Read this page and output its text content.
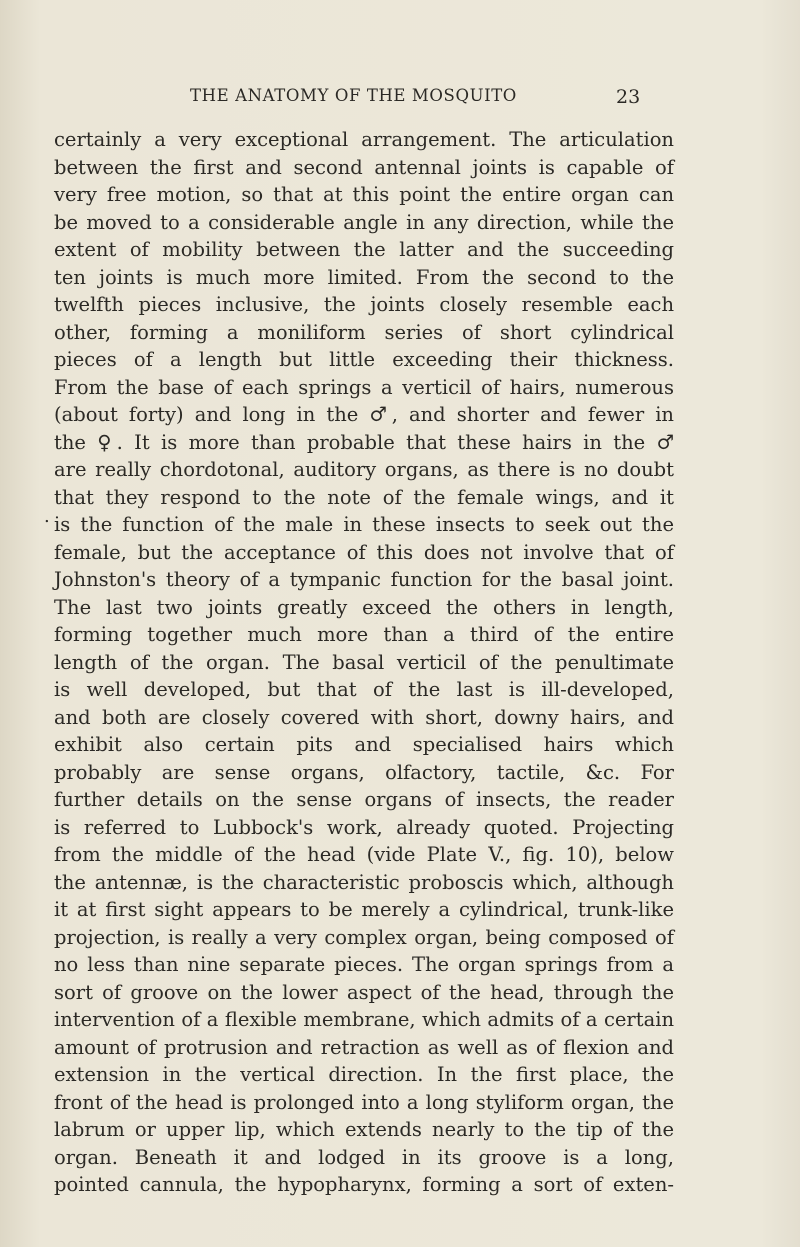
THE ANATOMY OF THE MOSQUITO	23
.
certainly a very exceptional arrangement. The articulation
between the first and second antennal joints is capable of
very free motion, so that at this point the entire organ can
be moved to a considerable angle in any direction, while the
extent of mobility between the latter and the succeeding
ten joints is much more limited. From the second to the
twelfth pieces inclusive, the joints closely resemble each
other, forming a moniliform series of short cylindrical
pieces of a length but little exceeding their thickness.
From the base of each springs a verticil of hairs, numerous
(about forty) and long in the ♂, and shorter and fewer in
the ♀. It is more than probable that these hairs in the ♂
are really chordotonal, auditory organs, as there is no doubt
that they respond to the note of the female wings, and it
is the function of the male in these insects to seek out the
female, but the acceptance of this does not involve that of
Johnston's theory of a tympanic function for the basal joint.
The last two joints greatly exceed the others in length,
forming together much more than a third of the entire
length of the organ. The basal verticil of the penultimate
is well developed, but that of the last is ill-developed,
and both are closely covered with short, downy hairs, and
exhibit also certain pits and specialised hairs which
probably are sense organs, olfactory, tactile, &c. For
further details on the sense organs of insects, the reader
is referred to Lubbock's work, already quoted. Projecting
from the middle of the head (vide Plate V., fig. 10), below
the antennæ, is the characteristic proboscis which, although
it at first sight appears to be merely a cylindrical, trunk-like
projection, is really a very complex organ, being composed of
no less than nine separate pieces. The organ springs from a
sort of groove on the lower aspect of the head, through the
intervention of a flexible membrane, which admits of a certain
amount of protrusion and retraction as well as of flexion and
extension in the vertical direction. In the first place, the
front of the head is prolonged into a long styliform organ, the
labrum or upper lip, which extends nearly to the tip of the
organ. Beneath it and lodged in its groove is a long,
pointed cannula, the hypopharynx, forming a sort of exten-
